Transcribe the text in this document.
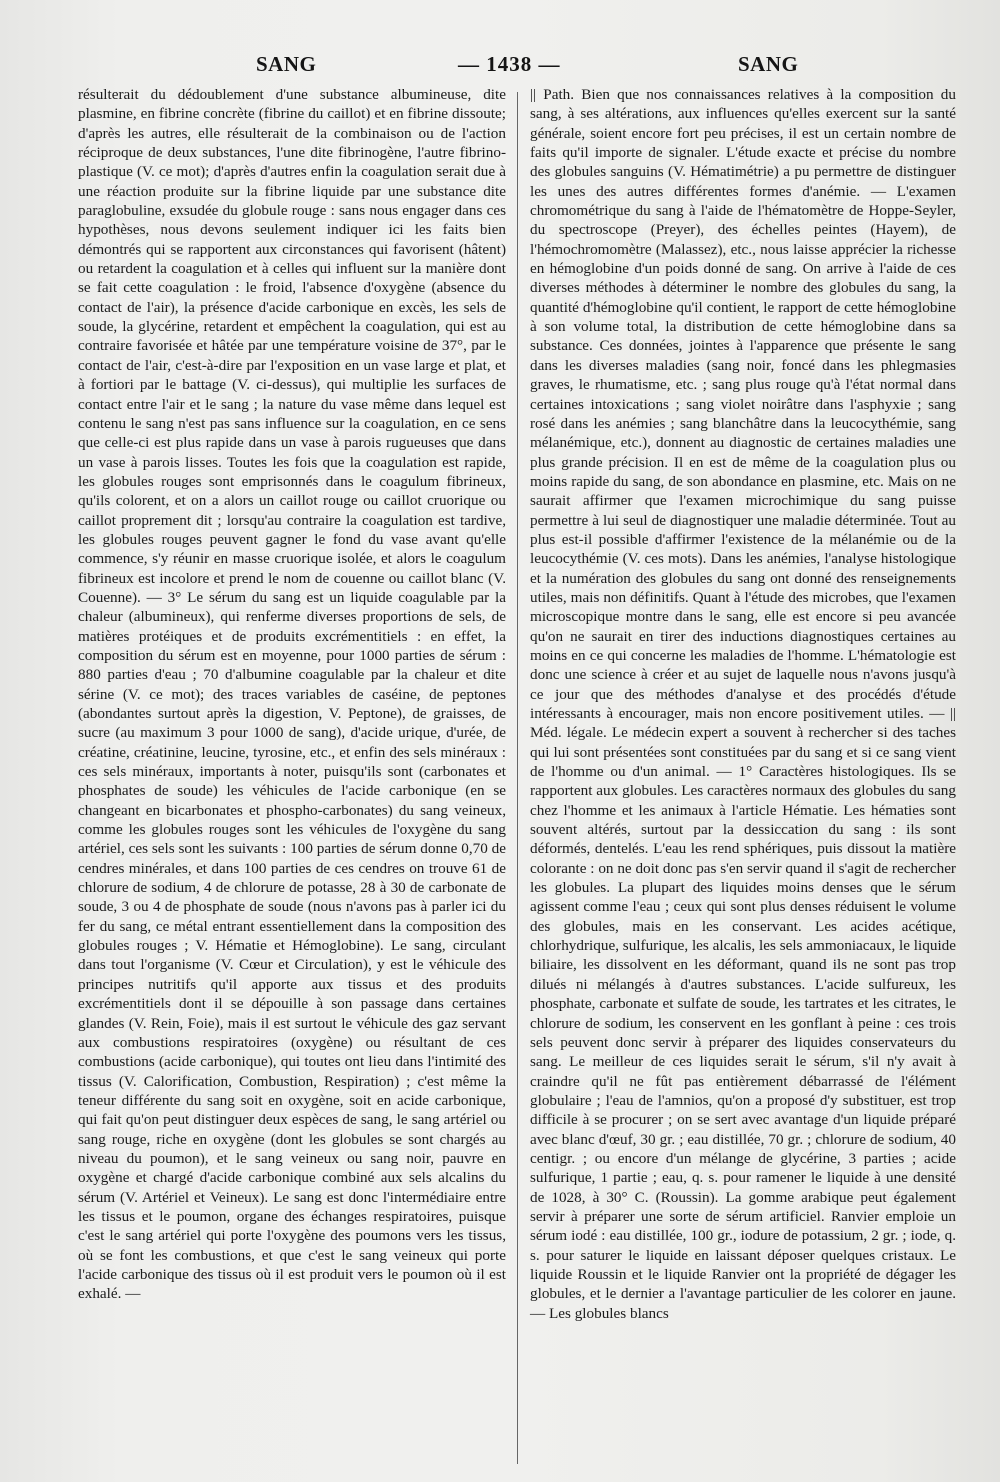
SANG	— 1438 —	SANG

résulterait du dédoublement d'une substance albumineuse, dite plasmine, en fibrine concrète (fibrine du caillot) et en fibrine dissoute; d'après les autres, elle résulterait de la combinaison ou de l'action réciproque de deux substances, l'une dite fibrinogène, l'autre fibrino-plastique (V. ce mot); d'après d'autres enfin la coagulation serait due à une réaction produite sur la fibrine liquide par une substance dite paraglobuline, exsudée du globule rouge : sans nous engager dans ces hypothèses, nous devons seulement indiquer ici les faits bien démontrés qui se rapportent aux circonstances qui favorisent (hâtent) ou retardent la coagulation et à celles qui influent sur la manière dont se fait cette coagulation : le froid, l'absence d'oxygène (absence du contact de l'air), la présence d'acide carbonique en excès, les sels de soude, la glycérine, retardent et empêchent la coagulation, qui est au contraire favorisée et hâtée par une température voisine de 37°, par le contact de l'air, c'est-à-dire par l'exposition en un vase large et plat, et à fortiori par le battage (V. ci-dessus), qui multiplie les surfaces de contact entre l'air et le sang ; la nature du vase même dans lequel est contenu le sang n'est pas sans influence sur la coagulation, en ce sens que celle-ci est plus rapide dans un vase à parois rugueuses que dans un vase à parois lisses. Toutes les fois que la coagulation est rapide, les globules rouges sont emprisonnés dans le coagulum fibrineux, qu'ils colorent, et on a alors un caillot rouge ou caillot cruorique ou caillot proprement dit ; lorsqu'au contraire la coagulation est tardive, les globules rouges peuvent gagner le fond du vase avant qu'elle commence, s'y réunir en masse cruorique isolée, et alors le coagulum fibrineux est incolore et prend le nom de couenne ou caillot blanc (V. Couenne). — 3° Le sérum du sang est un liquide coagulable par la chaleur (albumineux), qui renferme diverses proportions de sels, de matières protéiques et de produits excrémentitiels : en effet, la composition du sérum est en moyenne, pour 1000 parties de sérum : 880 parties d'eau ; 70 d'albumine coagulable par la chaleur et dite sérine (V. ce mot); des traces variables de caséine, de peptones (abondantes surtout après la digestion, V. Peptone), de graisses, de sucre (au maximum 3 pour 1000 de sang), d'acide urique, d'urée, de créatine, créatinine, leucine, tyrosine, etc., et enfin des sels minéraux : ces sels minéraux, importants à noter, puisqu'ils sont (carbonates et phosphates de soude) les véhicules de l'acide carbonique (en se changeant en bicarbonates et phospho-carbonates) du sang veineux, comme les globules rouges sont les véhicules de l'oxygène du sang artériel, ces sels sont les suivants : 100 parties de sérum donne 0,70 de cendres minérales, et dans 100 parties de ces cendres on trouve 61 de chlorure de sodium, 4 de chlorure de potasse, 28 à 30 de carbonate de soude, 3 ou 4 de phosphate de soude (nous n'avons pas à parler ici du fer du sang, ce métal entrant essentiellement dans la composition des globules rouges ; V. Hématie et Hémoglobine). Le sang, circulant dans tout l'organisme (V. Cœur et Circulation), y est le véhicule des principes nutritifs qu'il apporte aux tissus et des produits excrémentitiels dont il se dépouille à son passage dans certaines glandes (V. Rein, Foie), mais il est surtout le véhicule des gaz servant aux combustions respiratoires (oxygène) ou résultant de ces combustions (acide carbonique), qui toutes ont lieu dans l'intimité des tissus (V. Calorification, Combustion, Respiration) ; c'est même la teneur différente du sang soit en oxygène, soit en acide carbonique, qui fait qu'on peut distinguer deux espèces de sang, le sang artériel ou sang rouge, riche en oxygène (dont les globules se sont chargés au niveau du poumon), et le sang veineux ou sang noir, pauvre en oxygène et chargé d'acide carbonique combiné aux sels alcalins du sérum (V. Artériel et Veineux). Le sang est donc l'intermédiaire entre les tissus et le poumon, organe des échanges respiratoires, puisque c'est le sang artériel qui porte l'oxygène des poumons vers les tissus, où se font les combustions, et que c'est le sang veineux qui porte l'acide carbonique des tissus où il est produit vers le poumon où il est exhalé. —

|| Path. Bien que nos connaissances relatives à la composition du sang, à ses altérations, aux influences qu'elles exercent sur la santé générale, soient encore fort peu précises, il est un certain nombre de faits qu'il importe de signaler. L'étude exacte et précise du nombre des globules sanguins (V. Hématimétrie) a pu permettre de distinguer les unes des autres différentes formes d'anémie. — L'examen chromométrique du sang à l'aide de l'hématomètre de Hoppe-Seyler, du spectroscope (Preyer), des échelles peintes (Hayem), de l'hémochromomètre (Malassez), etc., nous laisse apprécier la richesse en hémoglobine d'un poids donné de sang. On arrive à l'aide de ces diverses méthodes à déterminer le nombre des globules du sang, la quantité d'hémoglobine qu'il contient, le rapport de cette hémoglobine à son volume total, la distribution de cette hémoglobine dans sa substance. Ces données, jointes à l'apparence que présente le sang dans les diverses maladies (sang noir, foncé dans les phlegmasies graves, le rhumatisme, etc. ; sang plus rouge qu'à l'état normal dans certaines intoxications ; sang violet noirâtre dans l'asphyxie ; sang rosé dans les anémies ; sang blanchâtre dans la leucocythémie, sang mélanémique, etc.), donnent au diagnostic de certaines maladies une plus grande précision. Il en est de même de la coagulation plus ou moins rapide du sang, de son abondance en plasmine, etc. Mais on ne saurait affirmer que l'examen microchimique du sang puisse permettre à lui seul de diagnostiquer une maladie déterminée. Tout au plus est-il possible d'affirmer l'existence de la mélanémie ou de la leucocythémie (V. ces mots). Dans les anémies, l'analyse histologique et la numération des globules du sang ont donné des renseignements utiles, mais non définitifs. Quant à l'étude des microbes, que l'examen microscopique montre dans le sang, elle est encore si peu avancée qu'on ne saurait en tirer des inductions diagnostiques certaines au moins en ce qui concerne les maladies de l'homme. L'hématologie est donc une science à créer et au sujet de laquelle nous n'avons jusqu'à ce jour que des méthodes d'analyse et des procédés d'étude intéressants à encourager, mais non encore positivement utiles. — || Méd. légale. Le médecin expert a souvent à rechercher si des taches qui lui sont présentées sont constituées par du sang et si ce sang vient de l'homme ou d'un animal. — 1° Caractères histologiques. Ils se rapportent aux globules. Les caractères normaux des globules du sang chez l'homme et les animaux à l'article Hématie. Les hématies sont souvent altérés, surtout par la dessiccation du sang : ils sont déformés, dentelés. L'eau les rend sphériques, puis dissout la matière colorante : on ne doit donc pas s'en servir quand il s'agit de rechercher les globules. La plupart des liquides moins denses que le sérum agissent comme l'eau ; ceux qui sont plus denses réduisent le volume des globules, mais en les conservant. Les acides acétique, chlorhydrique, sulfurique, les alcalis, les sels ammoniacaux, le liquide biliaire, les dissolvent en les déformant, quand ils ne sont pas trop dilués ni mélangés à d'autres substances. L'acide sulfureux, les phosphate, carbonate et sulfate de soude, les tartrates et les citrates, le chlorure de sodium, les conservent en les gonflant à peine : ces trois sels peuvent donc servir à préparer des liquides conservateurs du sang. Le meilleur de ces liquides serait le sérum, s'il n'y avait à craindre qu'il ne fût pas entièrement débarrassé de l'élément globulaire ; l'eau de l'amnios, qu'on a proposé d'y substituer, est trop difficile à se procurer ; on se sert avec avantage d'un liquide préparé avec blanc d'œuf, 30 gr. ; eau distillée, 70 gr. ; chlorure de sodium, 40 centigr. ; ou encore d'un mélange de glycérine, 3 parties ; acide sulfurique, 1 partie ; eau, q. s. pour ramener le liquide à une densité de 1028, à 30° C. (Roussin). La gomme arabique peut également servir à préparer une sorte de sérum artificiel. Ranvier emploie un sérum iodé : eau distillée, 100 gr., iodure de potassium, 2 gr. ; iode, q. s. pour saturer le liquide en laissant déposer quelques cristaux. Le liquide Roussin et le liquide Ranvier ont la propriété de dégager les globules, et le dernier a l'avantage particulier de les colorer en jaune. — Les globules blancs
